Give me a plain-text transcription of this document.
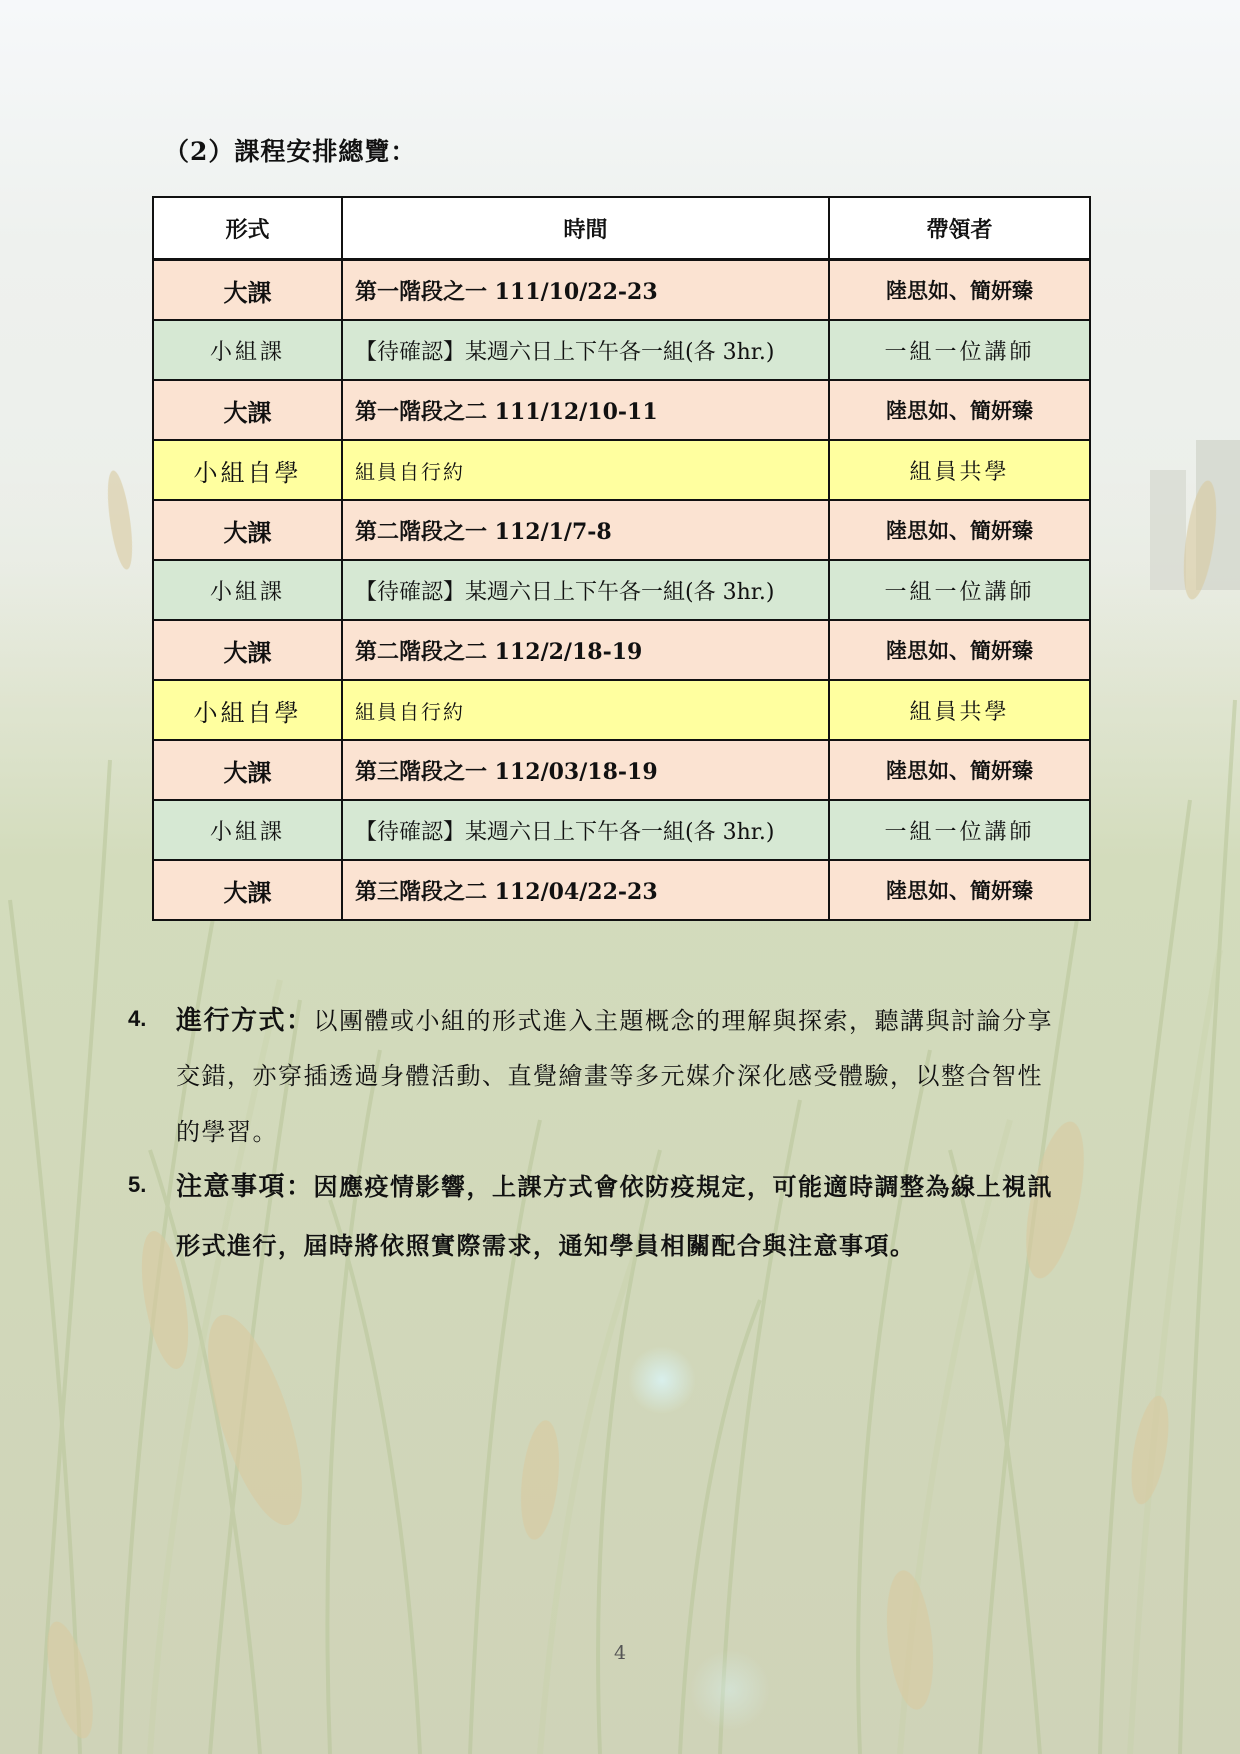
（2）課程安排總覽：
形式	時間	帶領者
大課	第一階段之一 111/10/22-23	陸思如、簡妍臻
小組課	【待確認】某週六日上下午各一組(各 3hr.)	一組一位講師
大課	第一階段之二 111/12/10-11	陸思如、簡妍臻
小組自學	組員自行約	組員共學
大課	第二階段之一 112/1/7-8	陸思如、簡妍臻
小組課	【待確認】某週六日上下午各一組(各 3hr.)	一組一位講師
大課	第二階段之二 112/2/18-19	陸思如、簡妍臻
小組自學	組員自行約	組員共學
大課	第三階段之一 112/03/18-19	陸思如、簡妍臻
小組課	【待確認】某週六日上下午各一組(各 3hr.)	一組一位講師
大課	第三階段之二 112/04/22-23	陸思如、簡妍臻
4. 進行方式：以團體或小組的形式進入主題概念的理解與探索，聽講與討論分享
交錯，亦穿插透過身體活動、直覺繪畫等多元媒介深化感受體驗，以整合智性
的學習。
5. 注意事項：因應疫情影響，上課方式會依防疫規定，可能適時調整為線上視訊
形式進行，屆時將依照實際需求，通知學員相關配合與注意事項。
4
